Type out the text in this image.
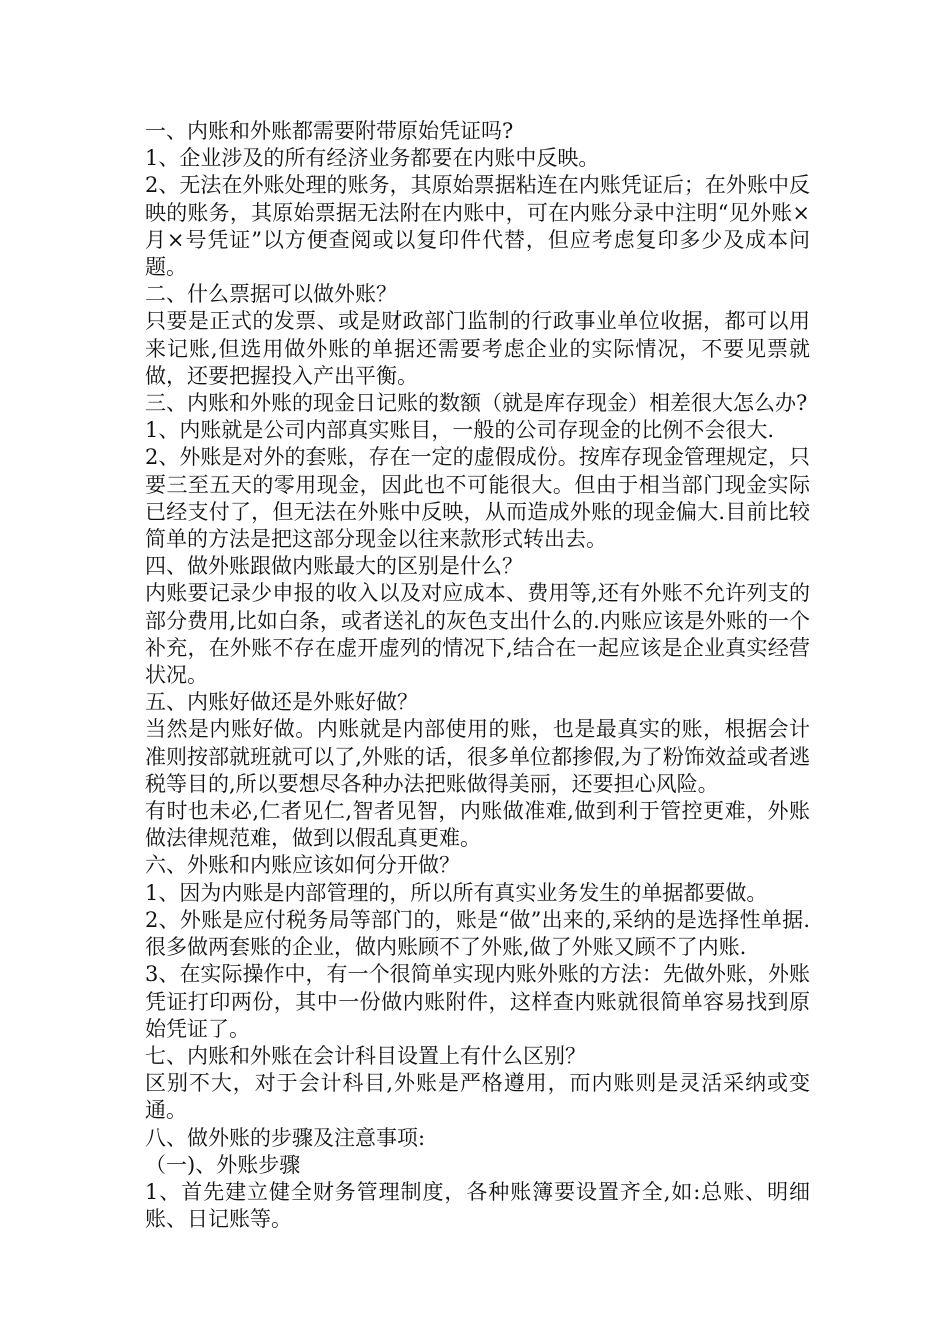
一、内账和外账都需要附带原始凭证吗?

1、企业涉及的所有经济业务都要在内账中反映。

2、无法在外账处理的账务，其原始票据粘连在内账凭证后；在外账中反映的账务，其原始票据无法附在内账中，可在内账分录中注明“见外账×月×号凭证”以方便查阅或以复印件代替，但应考虑复印多少及成本问题。

二、什么票据可以做外账？

只要是正式的发票、或是财政部门监制的行政事业单位收据，都可以用来记账,但选用做外账的单据还需要考虑企业的实际情况，不要见票就做，还要把握投入产出平衡。

三、内账和外账的现金日记账的数额（就是库存现金）相差很大怎么办?

1、内账就是公司内部真实账目，一般的公司存现金的比例不会很大.

2、外账是对外的套账，存在一定的虚假成份。按库存现金管理规定，只要三至五天的零用现金，因此也不可能很大。但由于相当部门现金实际已经支付了，但无法在外账中反映，从而造成外账的现金偏大.目前比较简单的方法是把这部分现金以往来款形式转出去。

四、做外账跟做内账最大的区别是什么？

内账要记录少申报的收入以及对应成本、费用等,还有外账不允许列支的部分费用,比如白条，或者送礼的灰色支出什么的.内账应该是外账的一个补充，在外账不存在虚开虚列的情况下,结合在一起应该是企业真实经营状况。

五、内账好做还是外账好做？

当然是内账好做。内账就是内部使用的账，也是最真实的账，根据会计准则按部就班就可以了,外账的话，很多单位都掺假,为了粉饰效益或者逃税等目的,所以要想尽各种办法把账做得美丽，还要担心风险。

有时也未必,仁者见仁,智者见智，内账做准难,做到利于管控更难，外账做法律规范难，做到以假乱真更难。

六、外账和内账应该如何分开做？

1、因为内账是内部管理的，所以所有真实业务发生的单据都要做。

2、外账是应付税务局等部门的，账是“做”出来的,采纳的是选择性单据.很多做两套账的企业，做内账顾不了外账,做了外账又顾不了内账.

3、在实际操作中，有一个很简单实现内账外账的方法：先做外账，外账凭证打印两份，其中一份做内账附件，这样查内账就很简单容易找到原始凭证了。

七、内账和外账在会计科目设置上有什么区别？

区别不大，对于会计科目,外账是严格遵用，而内账则是灵活采纳或变通。

八、做外账的步骤及注意事项:

（一)、外账步骤

1、首先建立健全财务管理制度，各种账簿要设置齐全,如:总账、明细账、日记账等。
